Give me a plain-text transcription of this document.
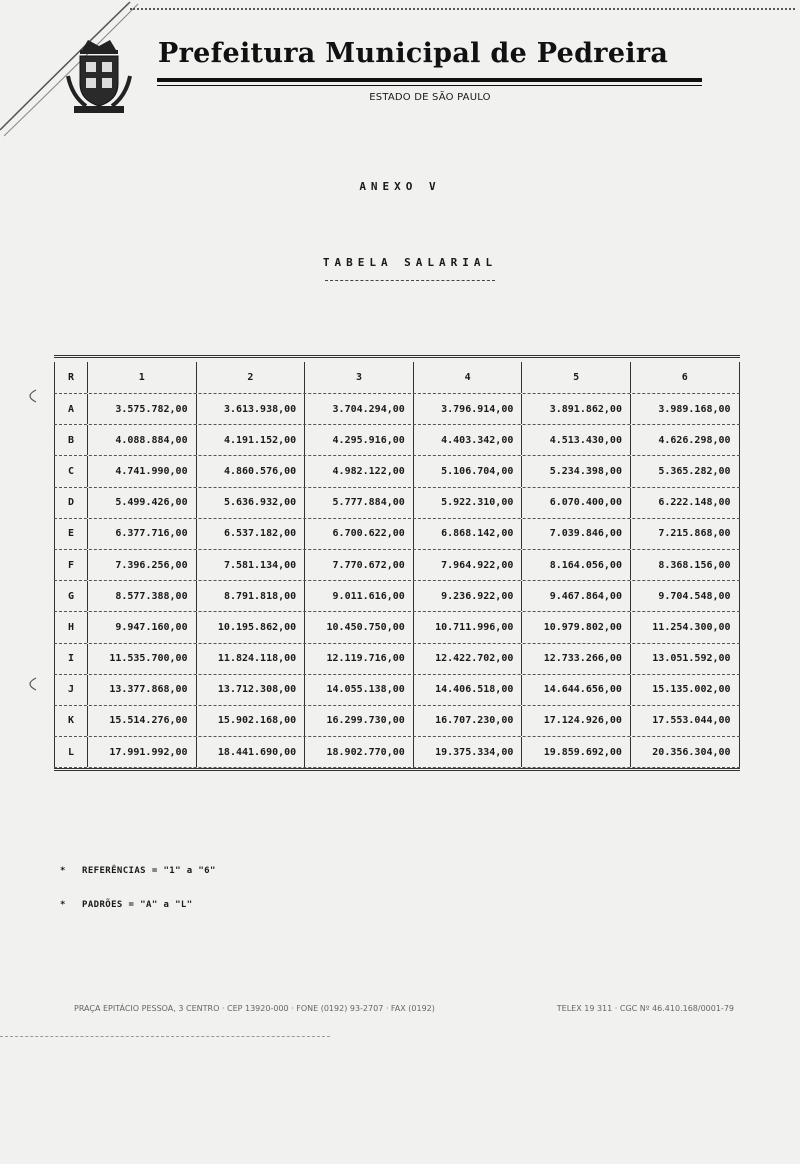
Prefeitura Municipal de Pedreira
ESTADO DE SÃO PAULO
ANEXO V
TABELA SALARIAL
R	1	2	3	4	5	6
A	3.575.782,00	3.613.938,00	3.704.294,00	3.796.914,00	3.891.862,00	3.989.168,00
B	4.088.884,00	4.191.152,00	4.295.916,00	4.403.342,00	4.513.430,00	4.626.298,00
C	4.741.990,00	4.860.576,00	4.982.122,00	5.106.704,00	5.234.398,00	5.365.282,00
D	5.499.426,00	5.636.932,00	5.777.884,00	5.922.310,00	6.070.400,00	6.222.148,00
E	6.377.716,00	6.537.182,00	6.700.622,00	6.868.142,00	7.039.846,00	7.215.868,00
F	7.396.256,00	7.581.134,00	7.770.672,00	7.964.922,00	8.164.056,00	8.368.156,00
G	8.577.388,00	8.791.818,00	9.011.616,00	9.236.922,00	9.467.864,00	9.704.548,00
H	9.947.160,00	10.195.862,00	10.450.750,00	10.711.996,00	10.979.802,00	11.254.300,00
I	11.535.700,00	11.824.118,00	12.119.716,00	12.422.702,00	12.733.266,00	13.051.592,00
J	13.377.868,00	13.712.308,00	14.055.138,00	14.406.518,00	14.644.656,00	15.135.002,00
K	15.514.276,00	15.902.168,00	16.299.730,00	16.707.230,00	17.124.926,00	17.553.044,00
L	17.991.992,00	18.441.690,00	18.902.770,00	19.375.334,00	19.859.692,00	20.356.304,00
* REFERÊNCIAS = "1" a "6"
* PADRÕES = "A" a "L"
PRAÇA EPITÁCIO PESSOA, 3 CENTRO · CEP 13920-000 · FONE (0192) 93-2707 · FAX (0192)	TELEX 19 311 · CGC Nº 46.410.168/0001-79
